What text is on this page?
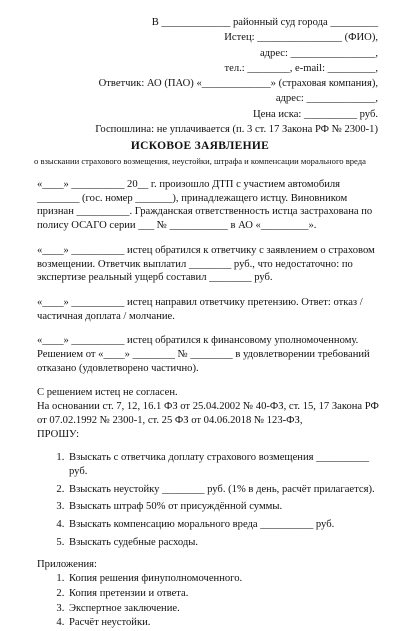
В _____________ районный суд города _________

Истец: ________________ (ФИО),

адрес: ________________,

тел.: ________, e-mail: _________,

Ответчик: АО (ПАО) «_____________» (страховая компания),

адрес: _____________,

Цена иска: __________ руб.

Госпошлина: не уплачивается (п. 3 ст. 17 Закона РФ № 2300-1)

ИСКОВОЕ ЗАЯВЛЕНИЕ

о взыскании страхового возмещения, неустойки, штрафа и компенсации морального вреда

«____» __________ 20__ г. произошло ДТП с участием автомобиля ________ (гос. номер _______), принадлежащего истцу. Виновником признан __________. Гражданская ответственность истца застрахована по полису ОСАГО серии ___ № ___________ в АО «_________».

«____» __________ истец обратился к ответчику с заявлением о страховом возмещении. Ответчик выплатил ________ руб., что недостаточно: по экспертизе реальный ущерб составил ________ руб.

«____» __________ истец направил ответчику претензию. Ответ: отказ / частичная доплата / молчание.

«____» __________ истец обратился к финансовому уполномоченному. Решением от «____» ________ № ________ в удовлетворении требований отказано (удовлетворено частично).

С решением истец не согласен.

На основании ст. 7, 12, 16.1 ФЗ от 25.04.2002 № 40-ФЗ, ст. 15, 17 Закона РФ от 07.02.1992 № 2300-1, ст. 25 ФЗ от 04.06.2018 № 123-ФЗ,

ПРОШУ:

1. Взыскать с ответчика доплату страхового возмещения __________ руб.
2. Взыскать неустойку ________ руб. (1% в день, расчёт прилагается).
3. Взыскать штраф 50% от присуждённой суммы.
4. Взыскать компенсацию морального вреда __________ руб.
5. Взыскать судебные расходы.

Приложения:

1. Копия решения финуполномоченного.
2. Копия претензии и ответа.
3. Экспертное заключение.
4. Расчёт неустойки.
